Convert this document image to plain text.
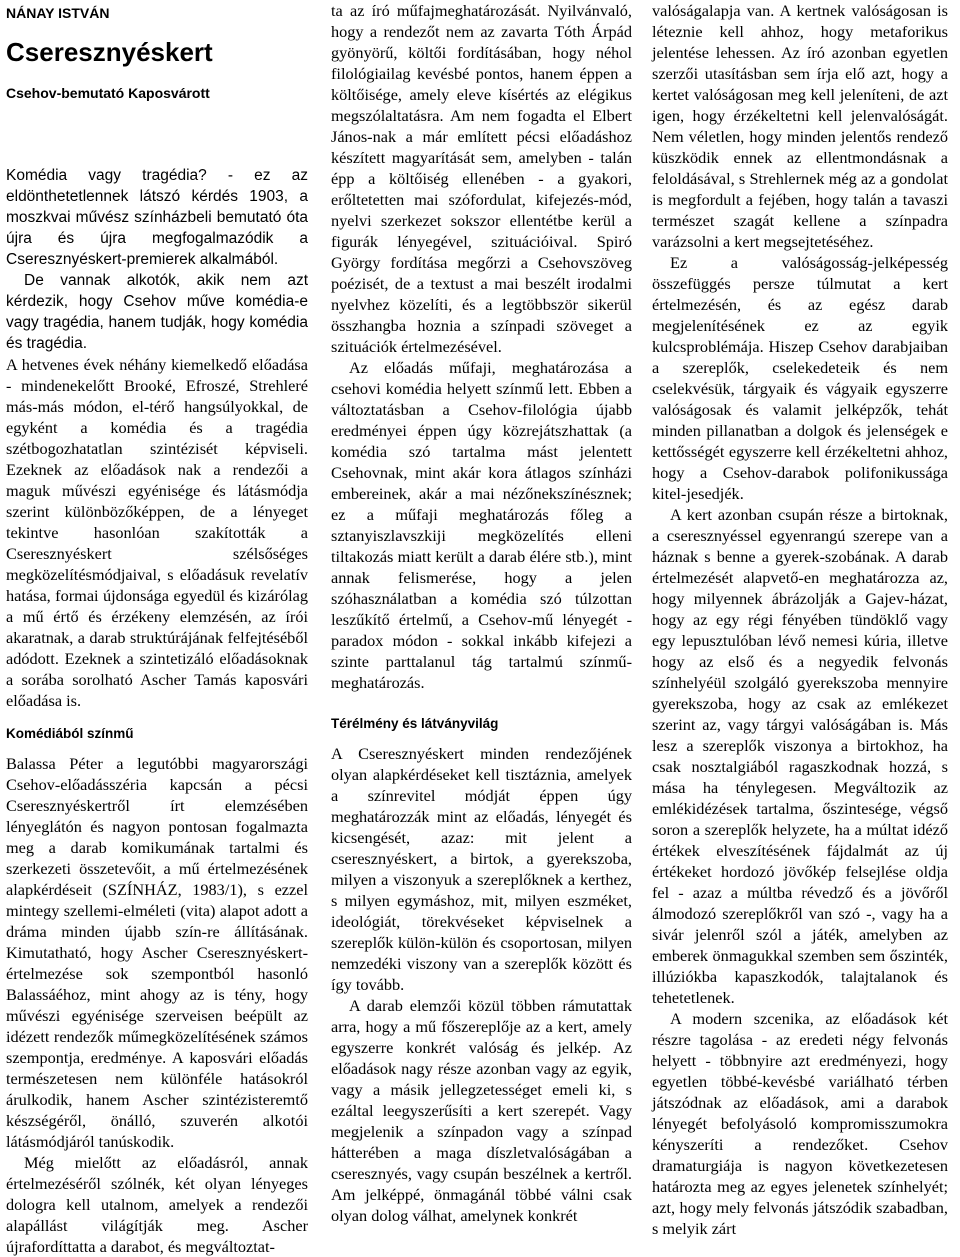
NÁNAY ISTVÁN
Cseresznyéskert
Csehov-bemutató Kaposvárott

Komédia vagy tragédia? - ez az eldönthetetlennek látszó kérdés 1903, a moszkvai művész színházbeli bemutató óta újra és újra megfogalmazódik a Cseresznyéskert-premierek alkalmából.

De vannak alkotók, akik nem azt kérdezik, hogy Csehov műve komédia-e vagy tragédia, hanem tudják, hogy komédia és tragédia.

A hetvenes évek néhány kiemelkedő előadása - mindenekelőtt Brooké, Efroszé, Strehleré más-más módon, el-térő hangsúlyokkal, de egyként a komédia és a tragédia szétbogozhatatlan szintézisét képviseli. Ezeknek az előadások nak a rendezői a maguk művészi egyénisége és látásmódja szerint különbözőképpen, de a lényeget tekintve hasonlóan szakították a Cseresznyéskert szélsőséges megközelítésmódjaival, s előadásuk revelatív hatása, formai újdonsága egyedül és kizárólag a mű értő és érzékeny elemzésén, az írói akaratnak, a darab struktúrájának felfejtéséből adódott. Ezeknek a szintetizáló előadásoknak a sorába sorolható Ascher Tamás kaposvári előadása is.

Komédiából színmű

Balassa Péter a legutóbbi magyarországi Csehov-előadásszéria kapcsán a pécsi Cseresznyéskertről írt elemzésében lényeglátón és nagyon pontosan fogalmazta meg a darab komikumának tartalmi és szerkezeti összetevőit, a mű értelmezésének alapkérdéseit (SZÍNHÁZ, 1983/1), s ezzel mintegy szellemi-elméleti (vita) alapot adott a dráma minden újabb szín-re állításának. Kimutatható, hogy Ascher Cseresznyéskert-értelmezése sok szempontból hasonló Balassáéhoz, mint ahogy az is tény, hogy művészi egyénisége szerveisen beépült az idézett rendezők műmegközelítésének számos szempontja, eredménye. A kaposvári előadás természetesen nem különféle hatásokról árulkodik, hanem Ascher szintézisteremtő készségéről, önálló, szuverén alkotói látásmódjáról tanúskodik.

Még mielőtt az előadásról, annak értelmezéséről szólnék, két olyan lényeges dologra kell utalnom, amelyek a rendezői alapállást világítják meg. Ascher újrafordíttatta a darabot, és megváltoztat-

ta az író műfajmeghatározását. Nyilvánvaló, hogy a rendezőt nem az zavarta Tóth Árpád gyönyörű, költői fordításában, hogy néhol filológiailag kevésbé pontos, hanem éppen a költőisége, amely eleve kísértés az elégikus megszólaltatásra. Am nem fogadta el Elbert János-nak a már említett pécsi előadáshoz készített magyarítását sem, amelyben - talán épp a költőiség ellenében - a gyakori, erőltetetten mai szófordulat, kifejezés-mód, nyelvi szerkezet sokszor ellentétbe kerül a figurák lényegével, szituációival. Spiró György fordítása megőrzi a Csehovszöveg poézisét, de a textust a mai beszélt irodalmi nyelvhez közelíti, és a legtöbbször sikerül összhangba hoznia a színpadi szöveget a szituációk értelmezésével.

Az előadás műfaji, meghatározása a csehovi komédia helyett színmű lett. Ebben a változtatásban a Csehov-filológia újabb eredményei éppen úgy közrejátszhattak (a komédia szó tartalma mást jelentett Csehovnak, mint akár kora átlagos színházi embereinek, akár a mai nézőnekszínésznek; ez a műfaji meghatározás főleg a sztanyiszlavszkiji megközelítés elleni tiltakozás miatt került a darab élére stb.), mint annak felismerése, hogy a jelen szóhasználatban a komédia szó túlzottan leszűkítő értelmű, a Csehov-mű lényegét - paradox módon - sokkal inkább kifejezi a szinte parttalanul tág tartalmú színmű-meghatározás.

Térélmény és látványvilág

A Cseresznyéskert minden rendezőjének olyan alapkérdéseket kell tisztáznia, amelyek a színrevitel módját éppen úgy meghatározzák mint az előadás, lényegét és kicsengését, azaz: mit jelent a cseresznyéskert, a birtok, a gyerekszoba, milyen a viszonyuk a szereplőknek a kerthez, s milyen egymáshoz, mit, milyen eszméket, ideológiát, törekvéseket képviselnek a szereplők külön-külön és csoportosan, milyen nemzedéki viszony van a szereplők között és így tovább.

A darab elemzői közül többen rámutattak arra, hogy a mű főszereplője az a kert, amely egyszerre konkrét valóság és jelkép. Az előadások nagy része azonban vagy az egyik, vagy a másik jellegzetességet emeli ki, s ezáltal leegyszerűsíti a kert szerepét. Vagy megjelenik a színpadon vagy a színpad hátterében a maga díszletvalóságában a cseresznyés, vagy csupán beszélnek a kertről. Am jelképpé, önmagánál többé válni csak olyan dolog válhat, amelynek konkrét

valóságalapja van. A kertnek valóságosan is léteznie kell ahhoz, hogy metaforikus jelentése lehessen. Az író azonban egyetlen szerzői utasításban sem írja elő azt, hogy a kertet valóságosan meg kell jeleníteni, de azt igen, hogy érzékeltetni kell jelenvalóságát. Nem véletlen, hogy minden jelentős rendező küszködik ennek az ellentmondásnak a feloldásával, s Strehlernek még az a gondolat is megfordult a fejében, hogy talán a tavaszi természet szagát kellene a színpadra varázsolni a kert megsejtetéséhez.

Ez a valóságosság-jelképesség összefüggés persze túlmutat a kert értelmezésén, és az egész darab megjelenítésének ez az egyik kulcsproblémája. Hiszep Csehov darabjaiban a szereplők, cselekedeteik és nem cselekvésük, tárgyaik és vágyaik egyszerre valóságosak és valamit jelképzők, tehát minden pillanatban a dolgok és jelenségek e kettősségét egyszerre kell érzékeltetni ahhoz, hogy a Csehov-darabok polifonikussága kitel-jesedjék.

A kert azonban csupán része a birtoknak, a cseresznyéssel egyenrangú szerepe van a háznak s benne a gyerek-szobának. A darab értelmezését alapvető-en meghatározza az, hogy milyennek ábrázolják a Gajev-házat, hogy az egy régi fényében tündöklő vagy egy lepusztulóban lévő nemesi kúria, illetve hogy az első és a negyedik felvonás színhelyéül szolgáló gyerekszoba mennyire gyerekszoba, hogy az csak az emlékezet szerint az, vagy tárgyi valóságában is. Más lesz a szereplők viszonya a birtokhoz, ha csak nosztalgiából ragaszkodnak hozzá, s mása ha ténylegesen. Megváltozik az emlékidézések tartalma, őszintesége, végső soron a szereplők helyzete, ha a múltat idéző értékek elveszítésének fájdalmát az új értékeket hordozó jövőkép felsejlése oldja fel - azaz a múltba révedző és a jövőről álmodozó szereplőkről van szó -, vagy ha a sivár jelenről szól a játék, amelyben az emberek önmagukkal szemben sem őszinték, illúziókba kapaszkodók, talajtalanok és tehetetlenek.

A modern szcenika, az előadások két részre tagolása - az eredeti négy felvonás helyett - többnyire azt eredményezi, hogy egyetlen többé-kevésbé variálható térben játszódnak az előadások, ami a darabok lényegét befolyásoló kompromisszumokra kényszeríti a rendezőket. Csehov dramaturgiája is nagyon következetesen határozta meg az egyes jelenetek színhelyét; azt, hogy mely felvonás játszódik szabadban, s melyik zárt
